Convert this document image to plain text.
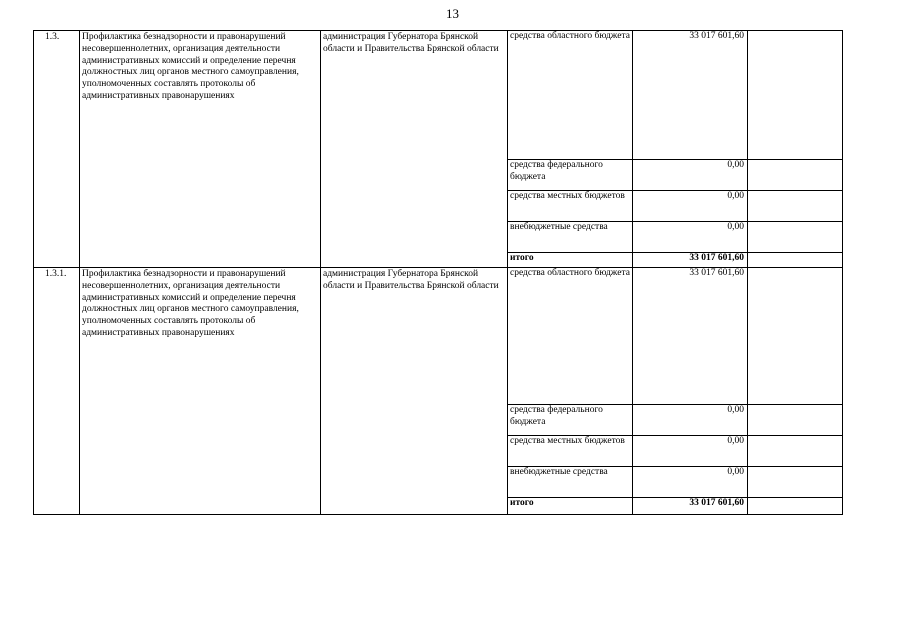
13
1.3.	Профилактика безнадзорности и правонарушений несовершеннолетних, организация деятельности административных комиссий и определение перечня должностных лиц органов местного самоуправления, уполномоченных составлять протоколы об административных правонарушениях	администрация Губернатора Брянской области и Правительства Брянской области	средства областного бюджета	33 017 601,60	
			средства федерального бюджета	0,00	
			средства местных бюджетов	0,00	
			внебюджетные средства	0,00	
			итого	33 017 601,60	
1.3.1.	Профилактика безнадзорности и правонарушений несовершеннолетних, организация деятельности административных комиссий и определение перечня должностных лиц органов местного самоуправления, уполномоченных составлять протоколы об административных правонарушениях	администрация Губернатора Брянской области и Правительства Брянской области	средства областного бюджета	33 017 601,60	
			средства федерального бюджета	0,00	
			средства местных бюджетов	0,00	
			внебюджетные средства	0,00	
			итого	33 017 601,60	
